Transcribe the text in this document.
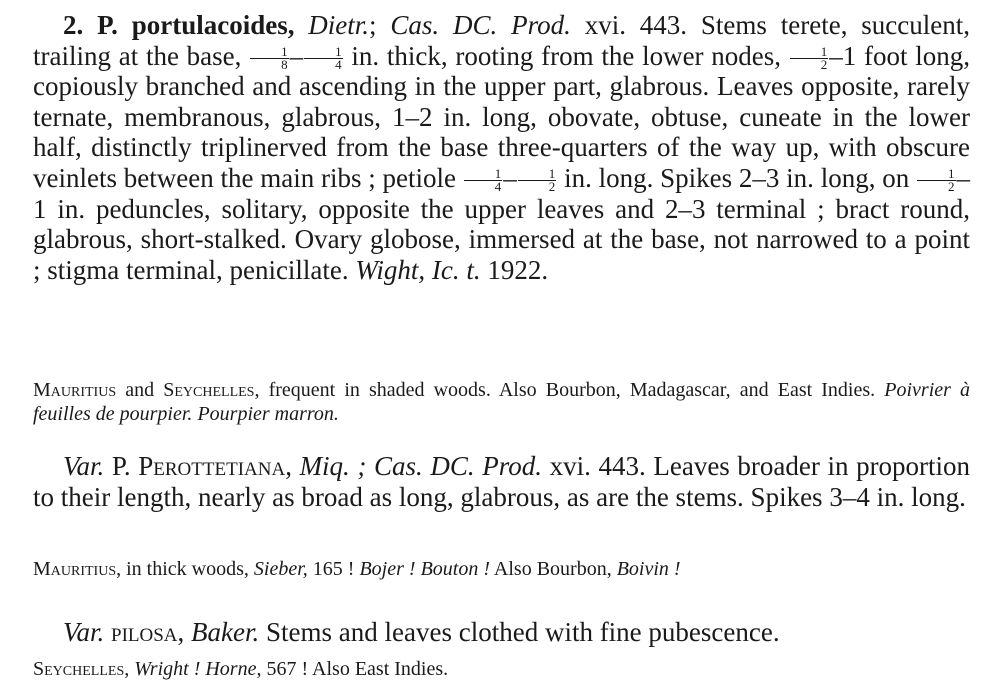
2. P. portulacoides, Dietr.; Cas. DC. Prod. xvi. 443. Stems terete, succulent, trailing at the base, $\frac{1}{8} - \frac{1}{4}$ in. thick, rooting from the lower nodes, $\frac{1}{2} -1$ foot long, copiously branched and ascending in the upper part, glabrous. Leaves opposite, rarely ternate, membranous, glabrous, 1–2 in. long, obovate, obtuse, cuneate in the lower half, distinctly triplinerved from the base three-quarters of the way up, with obscure veinlets between the main ribs ; petiole $\frac{1}{4} - \frac{1}{2}$ in. long. Spikes 2–3 in. long, on $\frac{1}{2} -1$ in. peduncles, solitary, opposite the upper leaves and 2–3 terminal ; bract round, glabrous, short-stalked. Ovary globose, immersed at the base, not narrowed to a point ; stigma terminal, penicillate. Wight, Ic. t. 1922.
Mauritius and Seychelles, frequent in shaded woods. Also Bourbon, Madagascar, and East Indies. Poivrier à feuilles de pourpier. Pourpier marron.
Var. P. Perottetiana, Miq. ; Cas. DC. Prod. xvi. 443. Leaves broader in proportion to their length, nearly as broad as long, glabrous, as are the stems. Spikes 3–4 in. long.
Mauritius, in thick woods, Sieber, 165 ! Bojer ! Bouton ! Also Bourbon, Boivin !
Var. pilosa, Baker. Stems and leaves clothed with fine pubescence.
Seychelles, Wright ! Horne, 567 ! Also East Indies.
